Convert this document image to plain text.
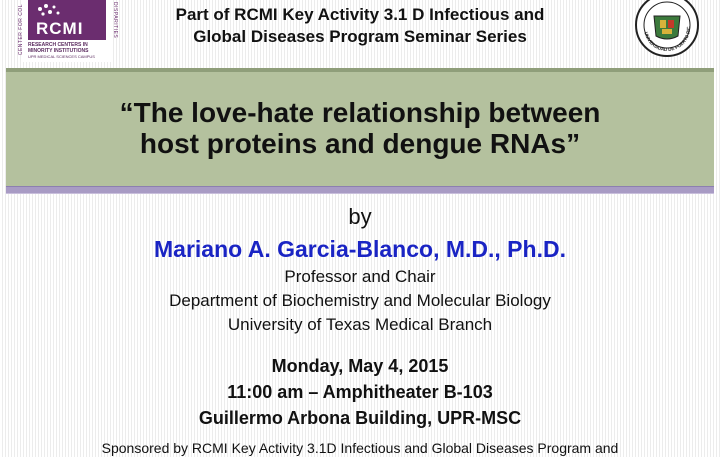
CENTER FOR COL RCMI	DISPARITIES
RESEARCH CENTERS IN
MINORITY INSTITUTIONS
UPR MEDICAL SCIENCES CAMPUS
Part of RCMI Key Activity 3.1 D Infectious and
Global Diseases Program Seminar Series	UNIVERSIDAD DE PUERTO RIC
“The love-hate relationship between
host proteins and dengue RNAs”
by
Mariano A. Garcia-Blanco, M.D., Ph.D.
Professor and Chair
Department of Biochemistry and Molecular Biology
University of Texas Medical Branch
Monday, May 4, 2015
11:00 am – Amphitheater B-103
Guillermo Arbona Building, UPR-MSC
Sponsored by RCMI Key Activity 3.1D Infectious and Global Diseases Program and
